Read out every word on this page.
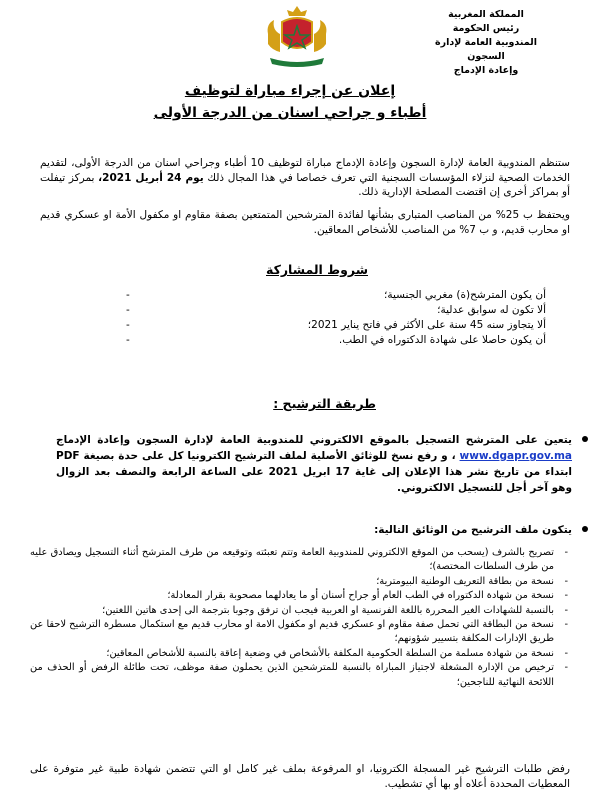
المملكة المغربية
رئيس الحكومة
المندوبية العامة لإدارة السجون
وإعادة الإدماج
إعلان عن إجراء مباراة لتوظيف
أطباء و جراحي اسنان من الدرجة الأولى
ستنظم المندوبية العامة لإدارة السجون وإعادة الإدماج مباراة لتوظيف 10 أطباء وجراحي اسنان من الدرجة الأولى، لتقديم الخدمات الصحية لنزلاء المؤسسات السجنية التي تعرف خصاصا في هذا المجال ذلك يوم 24 أبريل 2021، بمركز تيفلت أو بمراكز أخرى إن اقتضت المصلحة الإدارية ذلك.
ويحتفظ ب 25% من المناصب المتبارى بشأنها لفائدة المترشحين المتمتعين بصفة مقاوم او مكفول الأمة او عسكري قديم او محارب قديم، و ب 7% من المناصب للأشخاص المعاقين.
شروط المشاركة
أن يكون المترشح(ة) مغربي الجنسية؛
-
ألا تكون له سوابق عدلية؛
-
ألا يتجاوز سنه 45 سنة على الأكثر في فاتح يناير 2021؛
-
أن يكون حاصلا على شهادة الدكتوراه في الطب.
-
طريقة الترشيح :
يتعين على المترشح التسجيل بالموقع الالكتروني للمندوبية العامة لإدارة السجون وإعادة الإدماج www.dgapr.gov.ma ، و رفع نسخ للوثائق الأصلية لملف الترشيح الكترونيا كل على حدة بصيغة PDF ابتداء من تاريخ نشر هذا الإعلان إلى غاية 17 ابريل 2021 على الساعة الرابعة والنصف بعد الزوال وهو آخر أجل للتسجيل الالكتروني.
يتكون ملف الترشيح من الوثائق التالية:
- تصريح بالشرف (يسحب من الموقع الالكتروني للمندوبية العامة وتتم تعبئته وتوقيعه من طرف المترشح أثناء التسجيل ويصادق عليه من طرف السلطات المختصة)؛
- نسخة من بطاقة التعريف الوطنية البيومترية؛
- نسخة من شهادة الدكتوراه في الطب العام أو جراح أسنان أو ما يعادلهما مصحوبة بقرار المعادلة؛
- بالنسبة للشهادات الغير المحررة باللغة الفرنسية او العربية فيجب ان ترفق وجوبا بترجمة الى إحدى هاتين اللغتين؛
- نسخة من البطاقة التي تحمل صفة مقاوم او عسكري قديم او مكفول الامة او محارب قديم مع استكمال مسطرة الترشيح لاحقا عن طريق الإدارات المكلفة بتسيير شؤونهم؛
- نسخة من شهادة مسلمة من السلطة الحكومية المكلفة بالأشخاص في وضعية إعاقة بالنسبة للأشخاص المعاقين؛
- ترخيص من الإدارة المشغلة لاجتياز المباراة بالنسبة للمترشحين الذين يحملون صفة موظف، تحت طائلة الرفض أو الحذف من اللائحة النهائية للناجحين؛
رفض طلبات الترشيح غير المسجلة الكترونيا، او المرفوعة بملف غير كامل او التي تتضمن شهادة طبية غير متوفرة على المعطيات المحددة أعلاه أو بها أي تشطيب.
